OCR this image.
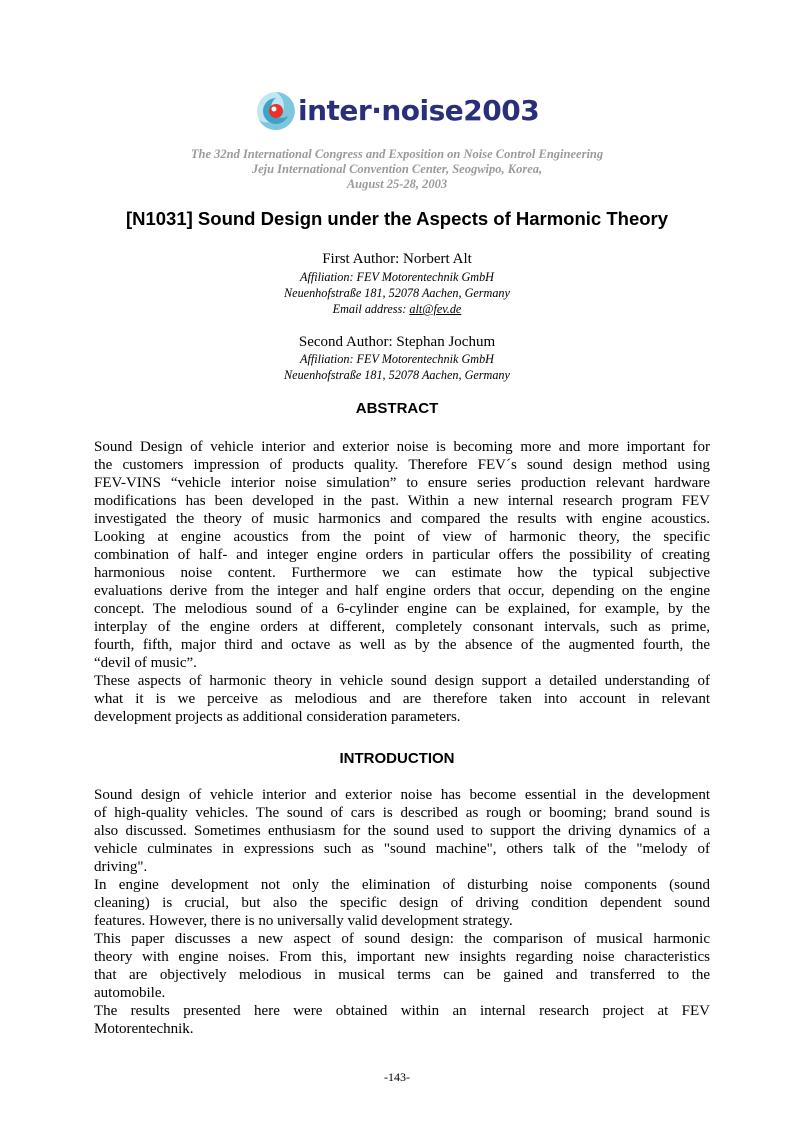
inter·noise2003
The 32nd International Congress and Exposition on Noise Control Engineering
Jeju International Convention Center, Seogwipo, Korea,
August 25-28, 2003
[N1031] Sound Design under the Aspects of Harmonic Theory
First Author: Norbert Alt
Affiliation: FEV Motorentechnik GmbH
Neuenhofstraße 181, 52078 Aachen, Germany
Email address: alt@fev.de
Second Author: Stephan Jochum
Affiliation: FEV Motorentechnik GmbH
Neuenhofstraße 181, 52078 Aachen, Germany
ABSTRACT
Sound Design of vehicle interior and exterior noise is becoming more and more important for
the customers impression of products quality. Therefore FEV´s sound design method using
FEV-VINS “vehicle interior noise simulation” to ensure series production relevant hardware
modifications has been developed in the past. Within a new internal research program FEV
investigated the theory of music harmonics and compared the results with engine acoustics.
Looking at engine acoustics from the point of view of harmonic theory, the specific
combination of half- and integer engine orders in particular offers the possibility of creating
harmonious noise content. Furthermore we can estimate how the typical subjective
evaluations derive from the integer and half engine orders that occur, depending on the engine
concept. The melodious sound of a 6-cylinder engine can be explained, for example, by the
interplay of the engine orders at different, completely consonant intervals, such as prime,
fourth, fifth, major third and octave as well as by the absence of the augmented fourth, the
“devil of music”.
These aspects of harmonic theory in vehicle sound design support a detailed understanding of
what it is we perceive as melodious and are therefore taken into account in relevant
development projects as additional consideration parameters.
INTRODUCTION
Sound design of vehicle interior and exterior noise has become essential in the development
of high-quality vehicles. The sound of cars is described as rough or booming; brand sound is
also discussed. Sometimes enthusiasm for the sound used to support the driving dynamics of a
vehicle culminates in expressions such as "sound machine", others talk of the "melody of
driving".
In engine development not only the elimination of disturbing noise components (sound
cleaning) is crucial, but also the specific design of driving condition dependent sound
features. However, there is no universally valid development strategy.
This paper discusses a new aspect of sound design: the comparison of musical harmonic
theory with engine noises. From this, important new insights regarding noise characteristics
that are objectively melodious in musical terms can be gained and transferred to the
automobile.
The results presented here were obtained within an internal research project at FEV
Motorentechnik.
-143-
